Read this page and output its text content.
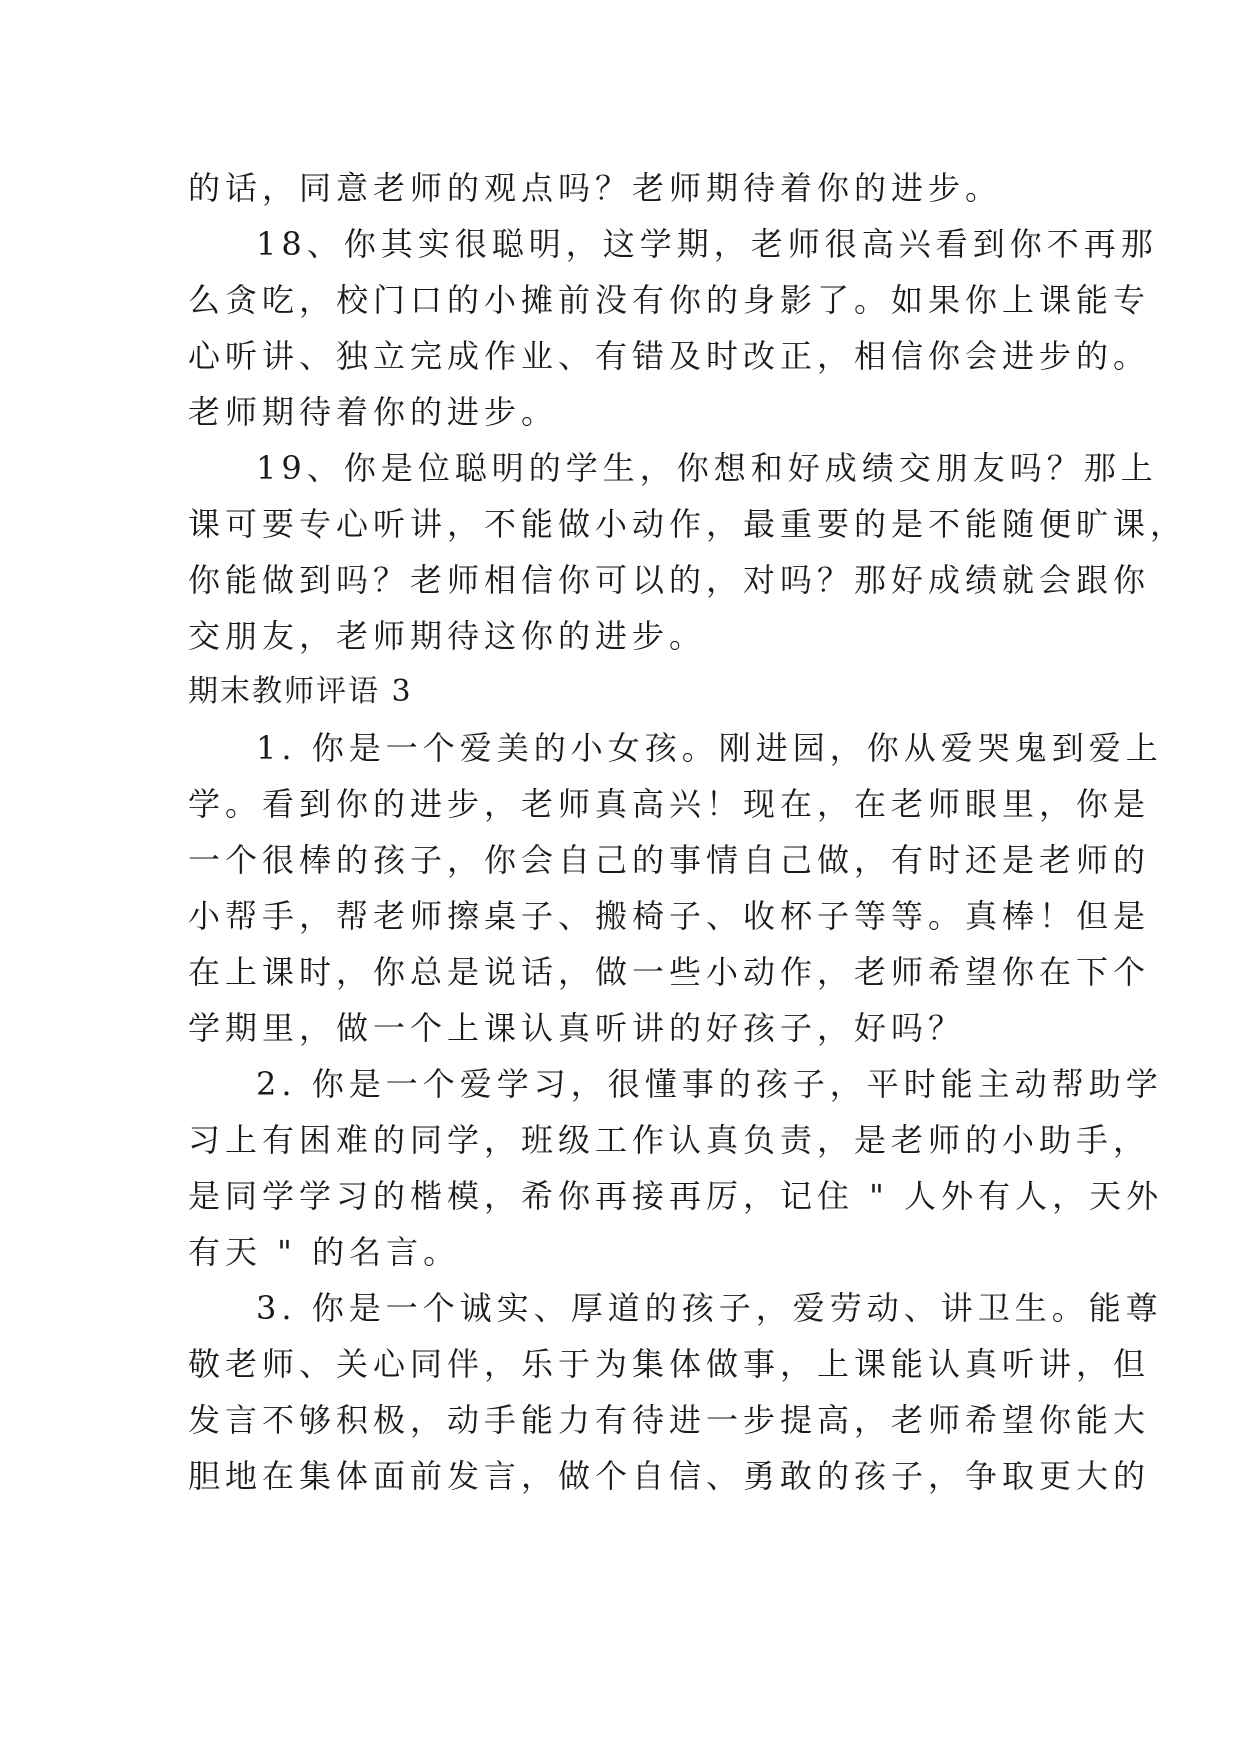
的话，同意老师的观点吗？老师期待着你的进步。
18、你其实很聪明，这学期，老师很高兴看到你不再那
么贪吃，校门口的小摊前没有你的身影了。如果你上课能专
心听讲、独立完成作业、有错及时改正，相信你会进步的。
老师期待着你的进步。
19、你是位聪明的学生，你想和好成绩交朋友吗？那上
课可要专心听讲，不能做小动作，最重要的是不能随便旷课，
你能做到吗？老师相信你可以的，对吗？那好成绩就会跟你
交朋友，老师期待这你的进步。
期末教师评语 3
1. 你是一个爱美的小女孩。刚进园，你从爱哭鬼到爱上
学。看到你的进步，老师真高兴！现在，在老师眼里，你是
一个很棒的孩子，你会自己的事情自己做，有时还是老师的
小帮手，帮老师擦桌子、搬椅子、收杯子等等。真棒！但是
在上课时，你总是说话，做一些小动作，老师希望你在下个
学期里，做一个上课认真听讲的好孩子，好吗？
2. 你是一个爱学习，很懂事的孩子，平时能主动帮助学
习上有困难的同学，班级工作认真负责，是老师的小助手，
是同学学习的楷模，希你再接再厉，记住 " 人外有人，天外
有天 " 的名言。
3. 你是一个诚实、厚道的孩子，爱劳动、讲卫生。能尊
敬老师、关心同伴，乐于为集体做事，上课能认真听讲，但
发言不够积极，动手能力有待进一步提高，老师希望你能大
胆地在集体面前发言，做个自信、勇敢的孩子，争取更大的
